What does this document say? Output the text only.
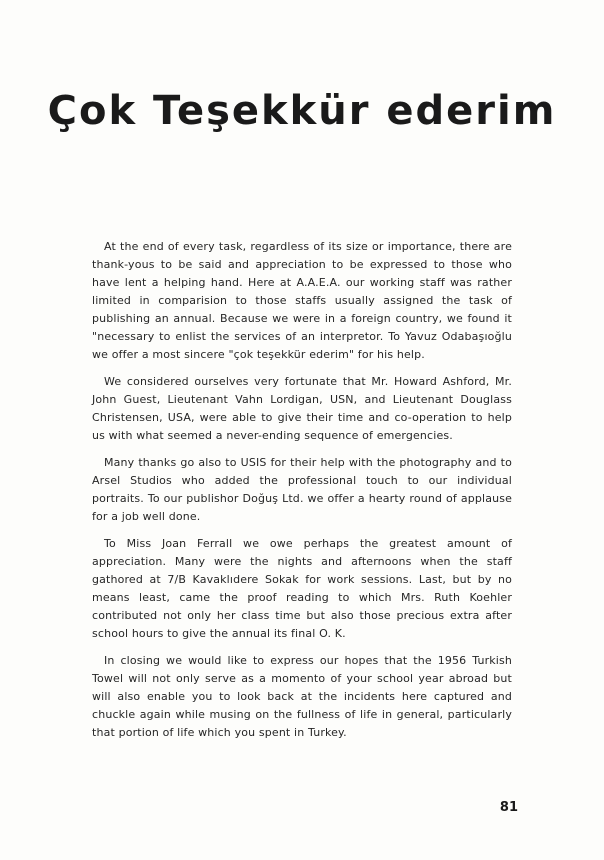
Çok Teşekkür ederim

At the end of every task, regardless of its size or importance, there are thank-yous to be said and appreciation to be expressed to those who have lent a helping hand. Here at A.A.E.A. our working staff was rather limited in comparision to those staffs usually assigned the task of publishing an annual. Because we were in a foreign country, we found it "necessary to enlist the services of an interpretor. To Yavuz Odabaşıoğlu we offer a most sincere "çok teşekkür ederim" for his help.

We considered ourselves very fortunate that Mr. Howard Ashford, Mr. John Guest, Lieutenant Vahn Lordigan, USN, and Lieutenant Douglass Christensen, USA, were able to give their time and co-operation to help us with what seemed a never-ending sequence of emergencies.

Many thanks go also to USIS for their help with the photography and to Arsel Studios who added the professional touch to our individual portraits. To our publishor Doğuş Ltd. we offer a hearty round of applause for a job well done.

To Miss Joan Ferrall we owe perhaps the greatest amount of appreciation. Many were the nights and afternoons when the staff gathored at 7/B Kavaklıdere Sokak for work sessions. Last, but by no means least, came the proof reading to which Mrs. Ruth Koehler contributed not only her class time but also those precious extra after school hours to give the annual its final O. K.

In closing we would like to express our hopes that the 1956 Turkish Towel will not only serve as a momento of your school year abroad but will also enable you to look back at the incidents here captured and chuckle again while musing on the fullness of life in general, particularly that portion of life which you spent in Turkey.

81
